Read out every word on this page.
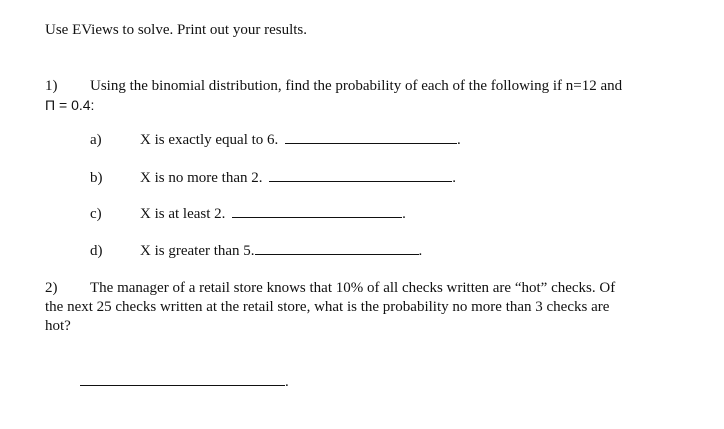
Use EViews to solve. Print out your results.
1) Using the binomial distribution, find the probability of each of the following if n=12 and
Π = 0.4:
a)	X is exactly equal to 6.	.
b)	X is no more than 2.	.
c)	X is at least 2.	.
d)	X is greater than 5.	.
2) The manager of a retail store knows that 10% of all checks written are “hot” checks. Of
the next 25 checks written at the retail store, what is the probability no more than 3 checks are
hot?
.
